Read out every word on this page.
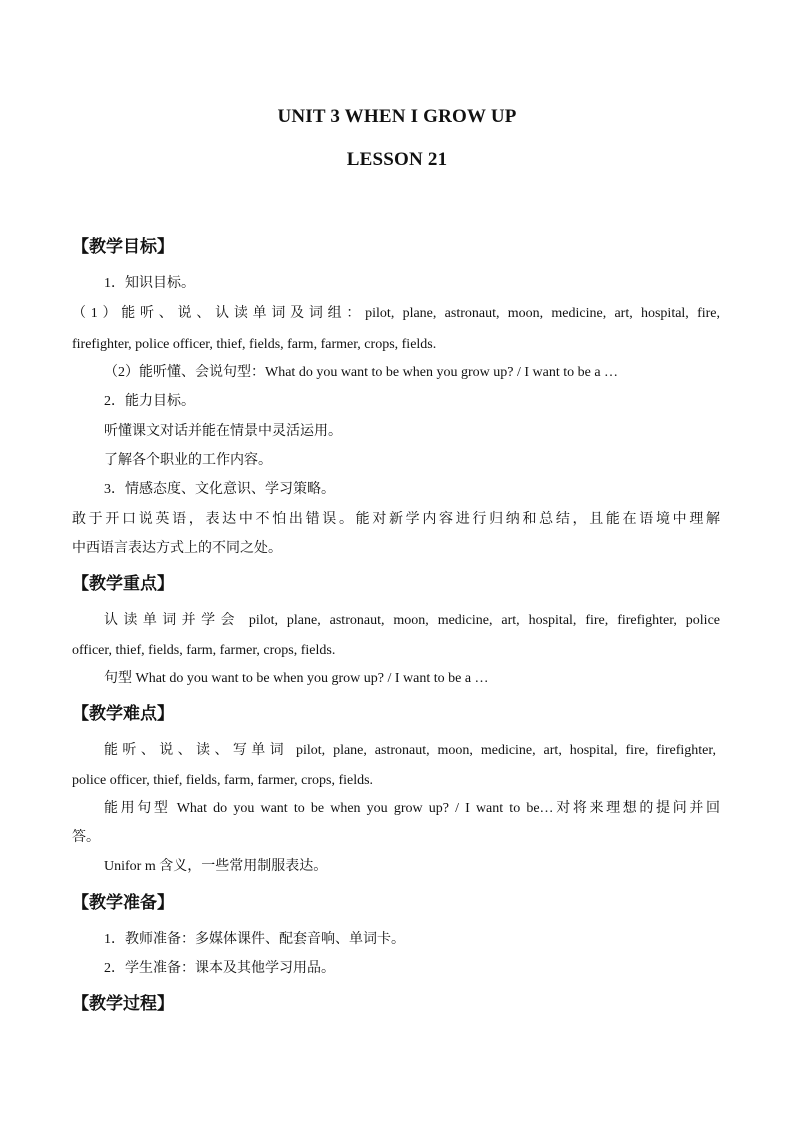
UNIT 3 WHEN I GROW UP
LESSON 21
【教学目标】
1．知识目标。
（1）能听、说、认读单词及词组：pilot, plane, astronaut, moon, medicine, art, hospital, fire,
firefighter, police officer, thief, fields, farm, farmer, crops, fields.
（2）能听懂、会说句型：What do you want to be when you grow up? / I want to be a …
2．能力目标。
听懂课文对话并能在情景中灵活运用。
了解各个职业的工作内容。
3．情感态度、文化意识、学习策略。
敢于开口说英语，表达中不怕出错误。能对新学内容进行归纳和总结，且能在语境中理解
中西语言表达方式上的不同之处。
【教学重点】
认读单词并学会 pilot, plane, astronaut, moon, medicine, art, hospital, fire, firefighter, police
officer, thief, fields, farm, farmer, crops, fields.
句型 What do you want to be when you grow up? / I want to be a …
【教学难点】
能听、说、读、写单词 pilot, plane, astronaut, moon, medicine, art, hospital, fire, firefighter,
police officer, thief, fields, farm, farmer, crops, fields.
能用句型 What do you want to be when you grow up? / I want to be…对将来理想的提问并回
答。
Unifor m 含义，一些常用制服表达。
【教学准备】
1．教师准备：多媒体课件、配套音响、单词卡。
2．学生准备：课本及其他学习用品。
【教学过程】
